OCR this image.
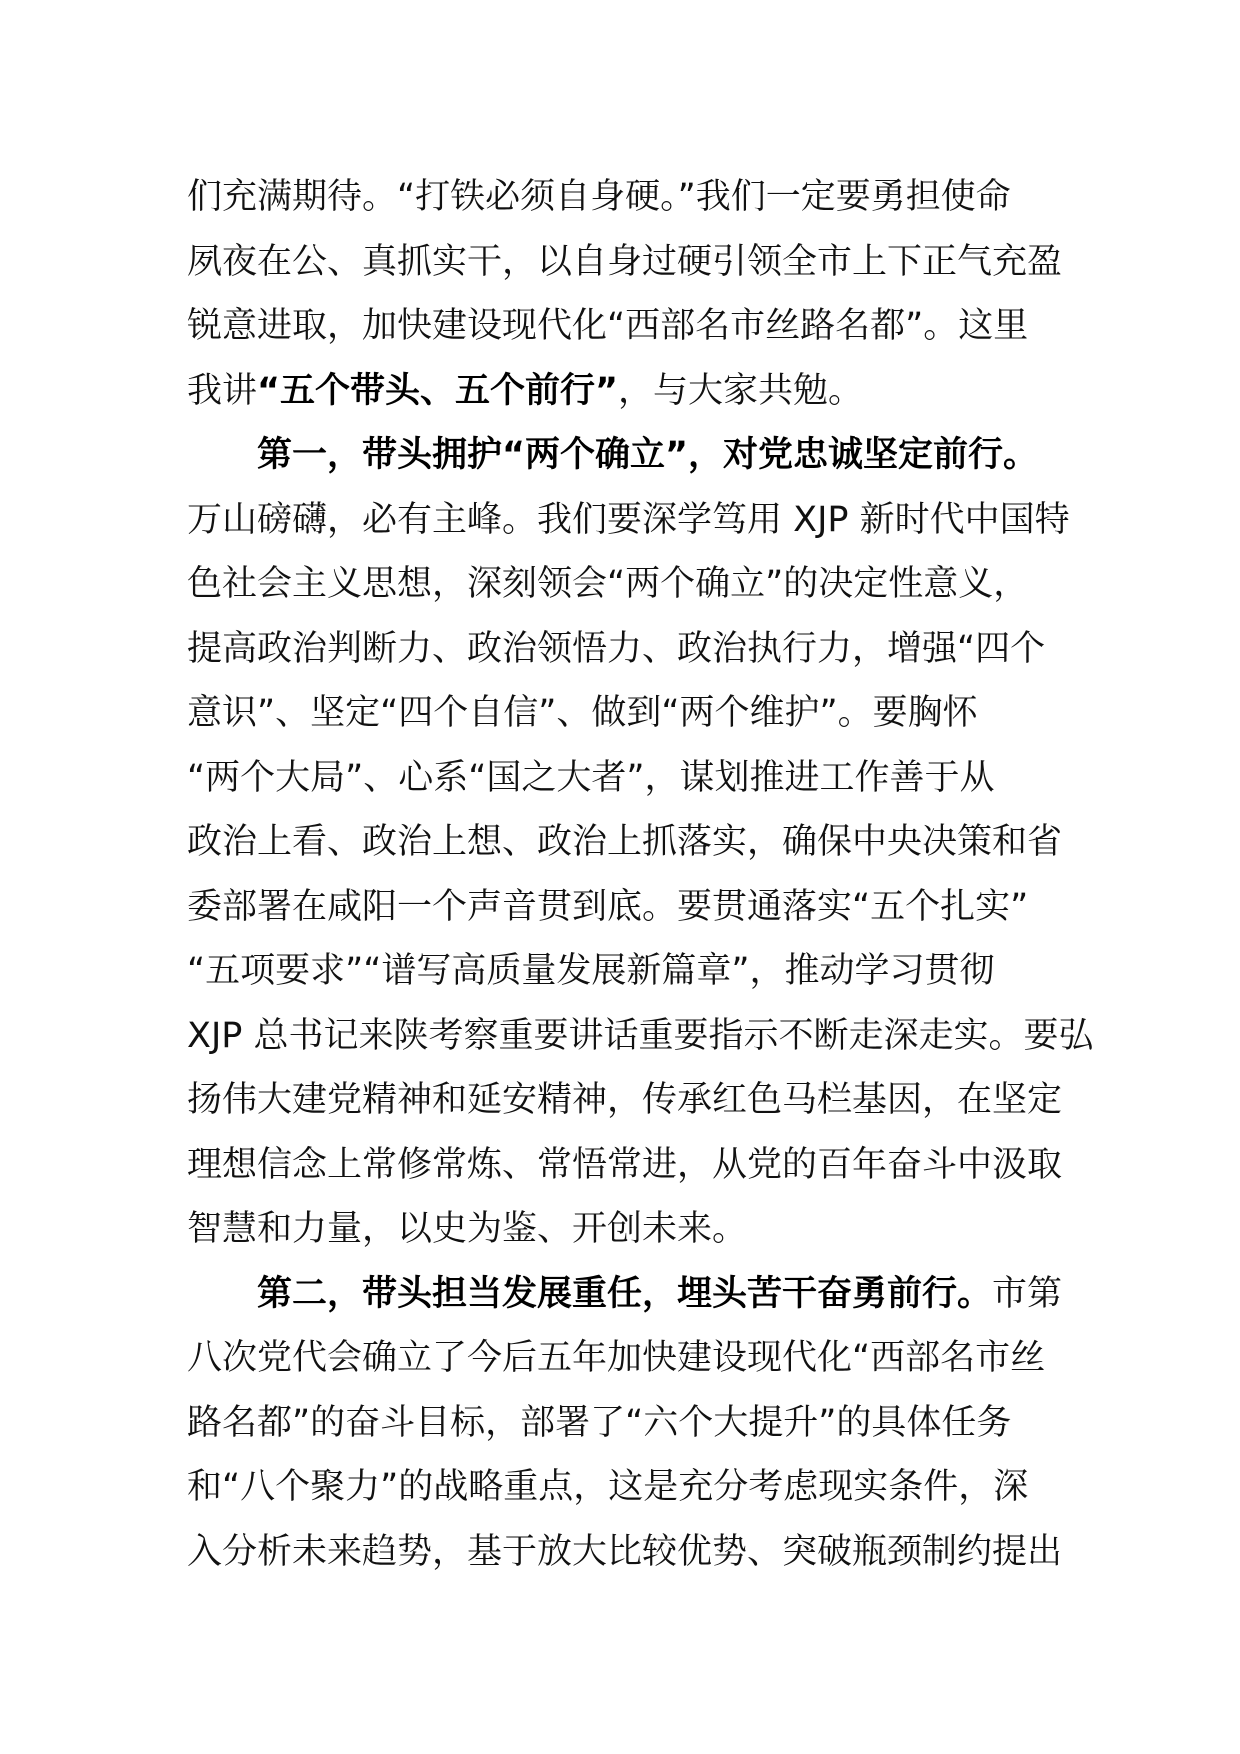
们充满期待。“打铁必须自身硬。”我们一定要勇担使命
夙夜在公、真抓实干，以自身过硬引领全市上下正气充盈
锐意进取，加快建设现代化“西部名市丝路名都”。这里
我讲“五个带头、五个前行”，与大家共勉。
第一，带头拥护“两个确立”，对党忠诚坚定前行。
万山磅礴，必有主峰。我们要深学笃用 XJP 新时代中国特
色社会主义思想，深刻领会“两个确立”的决定性意义，
提高政治判断力、政治领悟力、政治执行力，增强“四个
意识”、坚定“四个自信”、做到“两个维护”。要胸怀
“两个大局”、心系“国之大者”，谋划推进工作善于从
政治上看、政治上想、政治上抓落实，确保中央决策和省
委部署在咸阳一个声音贯到底。要贯通落实“五个扎实”
“五项要求”“谱写高质量发展新篇章”，推动学习贯彻
XJP 总书记来陕考察重要讲话重要指示不断走深走实。要弘
扬伟大建党精神和延安精神，传承红色马栏基因，在坚定
理想信念上常修常炼、常悟常进，从党的百年奋斗中汲取
智慧和力量，以史为鉴、开创未来。
第二，带头担当发展重任，埋头苦干奋勇前行。市第
八次党代会确立了今后五年加快建设现代化“西部名市丝
路名都”的奋斗目标，部署了“六个大提升”的具体任务
和“八个聚力”的战略重点，这是充分考虑现实条件，深
入分析未来趋势，基于放大比较优势、突破瓶颈制约提出
